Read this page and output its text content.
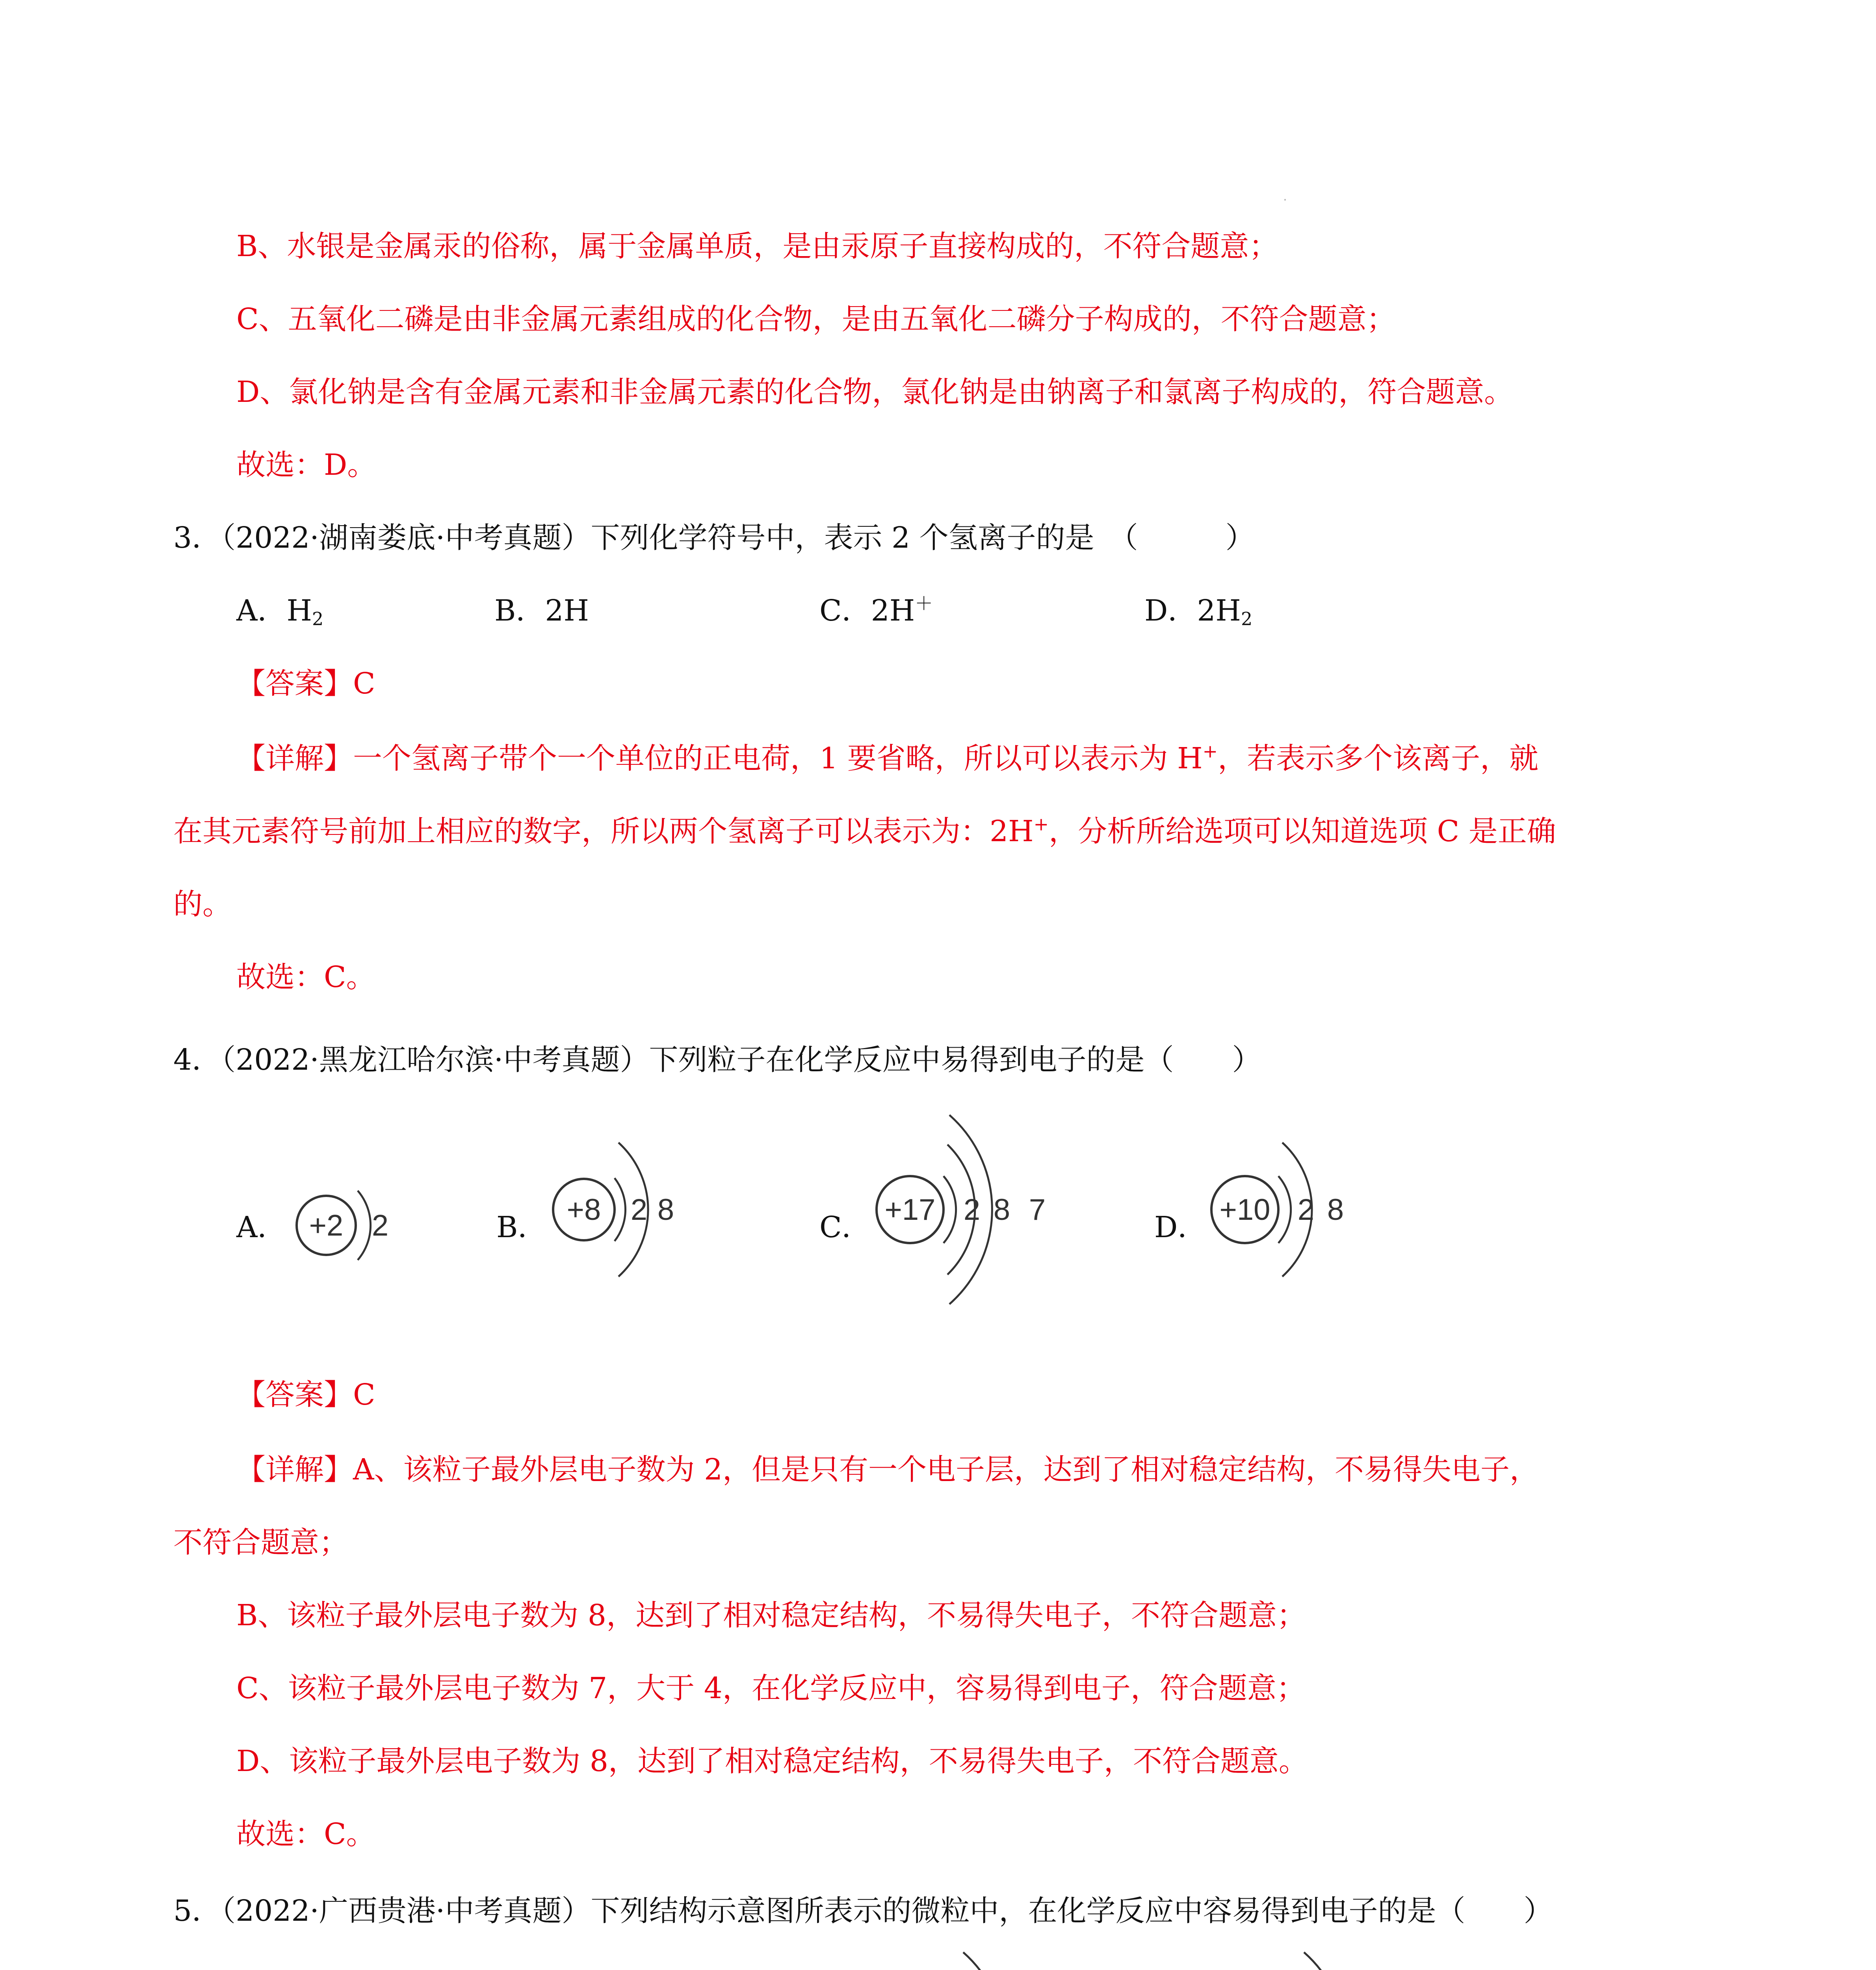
B、水银是金属汞的俗称，属于金属单质，是由汞原子直接构成的，不符合题意；
C、五氧化二磷是由非金属元素组成的化合物，是由五氧化二磷分子构成的，不符合题意；
D、氯化钠是含有金属元素和非金属元素的化合物，氯化钠是由钠离子和氯离子构成的，符合题意。
故选：D。
3．（2022·湖南娄底·中考真题）下列化学符号中，表示 2 个氢离子的是　（　　　）
A．$H_2$	B．2H	C．2H＋	D．$2H_2$
【答案】C
【详解】一个氢离子带个一个单位的正电荷，1 要省略，所以可以表示为 H+，若表示多个该离子，就
在其元素符号前加上相应的数字，所以两个氢离子可以表示为：2H+，分析所给选项可以知道选项 C 是正确
的。
故选：C。
4．（2022·黑龙江哈尔滨·中考真题）下列粒子在化学反应中易得到电子的是（　　）
A． +2 2	B．
+8 2 8
C．
+17 2 8 7
D．
+10 2 8
【答案】C
【详解】A、该粒子最外层电子数为 2，但是只有一个电子层，达到了相对稳定结构，不易得失电子，
不符合题意；
B、该粒子最外层电子数为 8，达到了相对稳定结构，不易得失电子，不符合题意；
C、该粒子最外层电子数为 7，大于 4，在化学反应中，容易得到电子，符合题意；
D、该粒子最外层电子数为 8，达到了相对稳定结构，不易得失电子，不符合题意。
故选：C。
5．（2022·广西贵港·中考真题）下列结构示意图所表示的微粒中，在化学反应中容易得到电子的是（　　）
